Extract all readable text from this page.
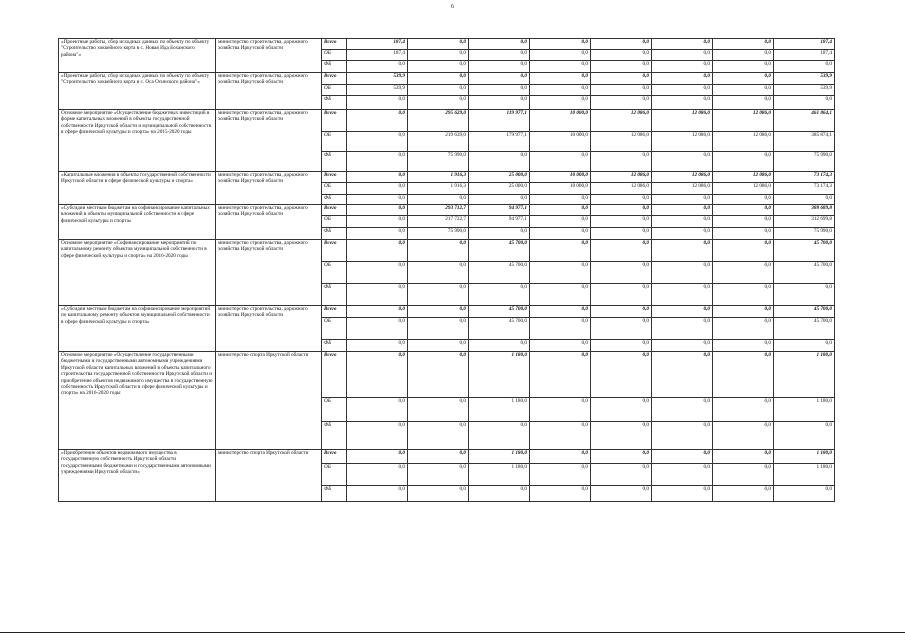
6
«Проектные работы, сбор исходных данных по объекту по объекту "Строительство хоккейного корта в с. Новая Ида Боханского района"»	министерство строительства, дорожного хозяйства Иркутской области	Всего	187,4	0,0	0,0	0,0	0,0	0,0	0,0	187,4
		ОБ	187,4	0,0	0,0	0,0	0,0	0,0	0,0	187,4
		ФБ	0,0	0,0	0,0	0,0	0,0	0,0	0,0	0,0
«Проектные работы, сбор исходных данных по объекту по объекту "Строительство хоккейного корта в с. Оса Осинского района"»	министерство строительства, дорожного хозяйства Иркутской области	Всего	539,9	0,0	0,0	0,0	0,0	0,0	0,0	539,9
		ОБ	539,9	0,0	0,0	0,0	0,0	0,0	0,0	539,9
		ФБ	0,0	0,0	0,0	0,0	0,0	0,0	0,0	0,0
Основное мероприятие «Осуществление бюджетных инвестиций в форме капитальных вложений в объекты государственной собственности Иркутской области и муниципальной собственности в сфере физической культуры и спорта» на 2015-2020 годы	министерство строительства, дорожного хозяйства Иркутской области	Всего	0,0	295 629,0	119 977,1	10 000,0	12 086,0	12 086,0	12 086,0	461 864,1
		ОБ	0,0	219 639,0	179 977,1	10 000,0	12 086,0	12 086,0	12 086,0	385 874,1
		ФБ	0,0	75 990,0	0,0	0,0	0,0	0,0	0,0	75 990,0
«Капитальные вложения в объекты государственной собственности Иркутской области в сфере физической культуры и спорта»	министерство строительства, дорожного хозяйства Иркутской области	Всего	0,0	1 916,3	25 000,0	10 000,0	12 086,0	12 086,0	12 086,0	73 174,3
		ОБ	0,0	1 916,3	25 000,0	10 000,0	12 086,0	12 086,0	12 086,0	73 174,3
		ФБ	0,0	0,0	0,0	0,0	0,0	0,0	0,0	0,0
«Субсидии местным бюджетам на софинансирование капитальных вложений в объекты муниципальной собственности в сфере физической культуры и спорта»	министерство строительства, дорожного хозяйства Иркутской области	Всего	0,0	293 712,7	94 977,1	0,0	0,0	0,0	0,0	388 689,8
		ОБ	0,0	217 722,7	94 977,1	0,0	0,0	0,0	0,0	312 699,8
		ФБ	0,0	75 990,0	0,0	0,0	0,0	0,0	0,0	75 990,0
Основное мероприятие «Софинансирование мероприятий по капитальному ремонту объектов муниципальной собственности в сфере физической культуры и спорта» на 2016-2020 годы	министерство строительства, дорожного хозяйства Иркутской области	Всего	0,0	0,0	45 700,0	0,0	0,0	0,0	0,0	45 700,0
		ОБ	0,0	0,0	45 700,0	0,0	0,0	0,0	0,0	45 700,0
		ФБ	0,0	0,0	0,0	0,0	0,0	0,0	0,0	0,0
«Субсидии местным бюджетам на софинансирование мероприятий по капитальному ремонту объектов муниципальной собственности в сфере физической культуры и спорта»	министерство строительства, дорожного хозяйства Иркутской области	Всего	0,0	0,0	45 700,0	0,0	0,0	0,0	0,0	45 700,0
		ОБ	0,0	0,0	45 700,0	0,0	0,0	0,0	0,0	45 700,0
		ФБ	0,0	0,0	0,0	0,0	0,0	0,0	0,0	0,0
Основное мероприятие «Осуществление государственными бюджетными и государственными автономными учреждениями Иркутской области капитальных вложений в объекты капитального строительства государственной собственности Иркутской области и приобретение объектов недвижимого имущества в государственную собственность Иркутской области в сфере физической культуры и спорта» на 2016-2020 годы	министерство спорта Иркутской области	Всего	0,0	0,0	1 180,0	0,0	0,0	0,0	0,0	1 180,0
		ОБ	0,0	0,0	1 180,0	0,0	0,0	0,0	0,0	1 180,0
		ФБ	0,0	0,0	0,0	0,0	0,0	0,0	0,0	0,0
«Приобретение объектов недвижимого имущества в государственную собственность Иркутской области государственными бюджетными и государственными автономными учреждениями Иркутской области»	министерство спорта Иркутской области	Всего	0,0	0,0	1 180,0	0,0	0,0	0,0	0,0	1 180,0
		ОБ	0,0	0,0	1 180,0	0,0	0,0	0,0	0,0	1 180,0
		ФБ	0,0	0,0	0,0	0,0	0,0	0,0	0,0	0,0
